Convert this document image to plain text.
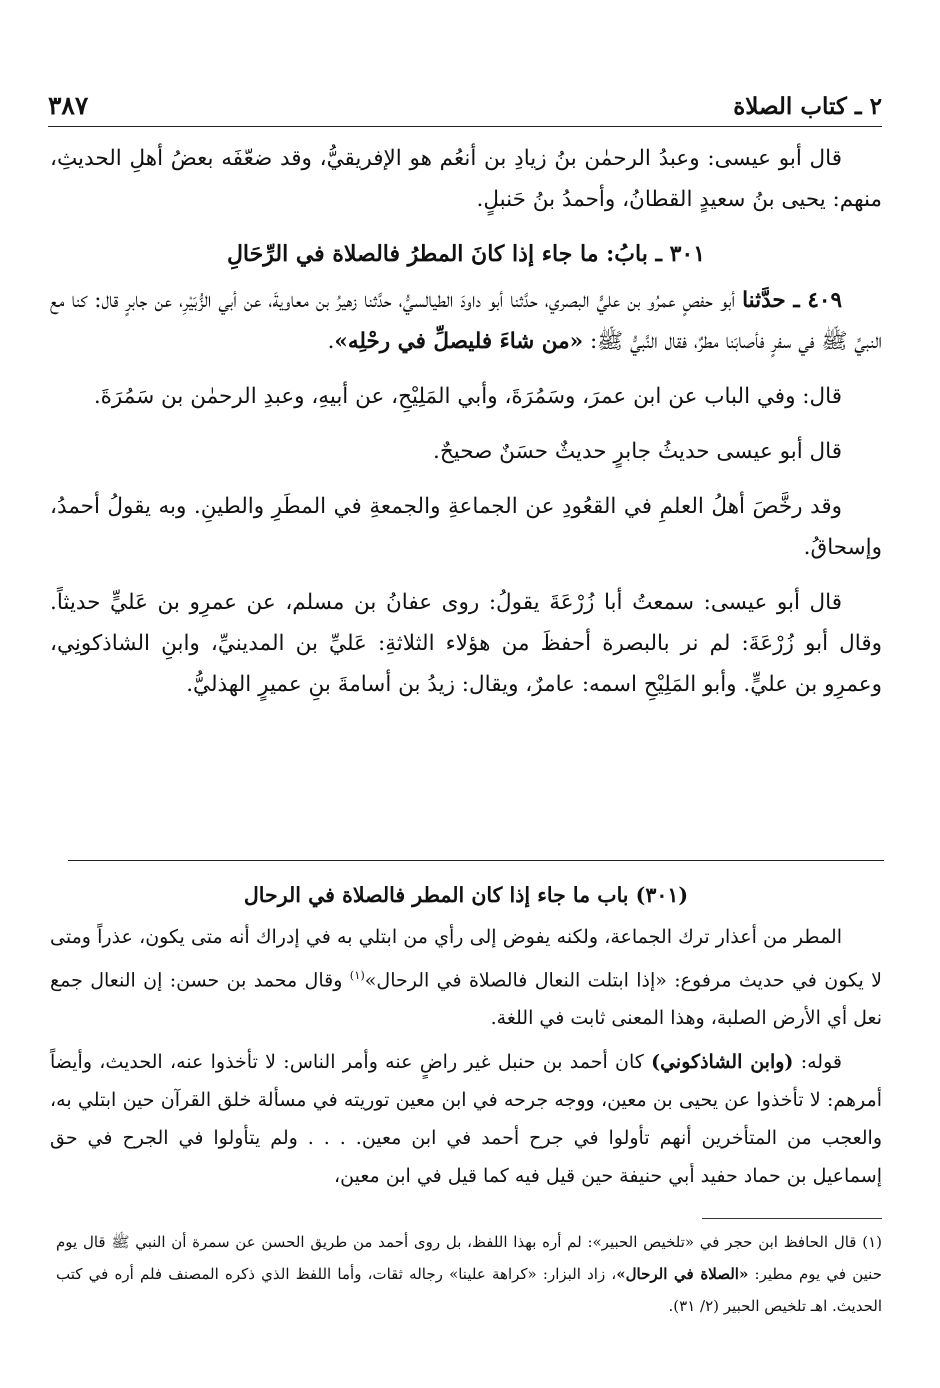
٢ ـ كتاب الصلاة
٣٨٧

قال أبو عيسى: وعبدُ الرحمٰن بنُ زيادِ بن أنعُم هو الإفريقيُّ، وقد ضعّفَه بعضُ أهلِ الحديثِ، منهم: يحيى بنُ سعيدٍ القطانُ، وأحمدُ بنُ حَنبلٍ.

٣٠١ ـ بابُ: ما جاء إذا كانَ المطرُ فالصلاة في الرِّحَالِ

٤٠٩ ـ حدَّثنا أبو حفصٍ عمرُو بن عليٍّ البصري، حدَّثنا أبو داودَ الطيالسيُّ، حدَّثنا زهيرُ بن معاويةَ، عن أبي الزُّبَيْرِ، عن جابرٍ قال: كنا مع النبيِّ ﷺ في سفرٍ فأصابَنا مطرٌ، فقال النَّبيُّ ﷺ: «من شاءَ فليصلِّ في رحْلِه».

قال: وفي الباب عن ابن عمرَ، وسَمُرَةَ، وأبي المَلِيْحِ، عن أبيهِ، وعبدِ الرحمٰن بن سَمُرَةَ.

قال أبو عيسى حديثُ جابرٍ حديثٌ حسَنٌ صحيحٌ.

وقد رخَّصَ أهلُ العلمِ في القعُودِ عن الجماعةِ والجمعةِ في المطَرِ والطينِ. وبه يقولُ أحمدُ، وإسحاقُ.

قال أبو عيسى: سمعتُ أبا زُرْعَةَ يقولُ: روى عفانُ بن مسلم، عن عمرِو بن عَليٍّ حديثاً. وقال أبو زُرْعَةَ: لم نر بالبصرة أحفظَ من هؤلاء الثلاثةِ: عَليِّ بن المدينيِّ، وابنِ الشاذكونِي، وعمرِو بن عليٍّ. وأبو المَلِيْحِ اسمه: عامرٌ، ويقال: زيدُ بن أسامةَ بنِ عميرٍ الهذليُّ.

(٣٠١) باب ما جاء إذا كان المطر فالصلاة في الرحال

المطر من أعذار ترك الجماعة، ولكنه يفوض إلى رأي من ابتلي به في إدراك أنه متى يكون، عذراً ومتى لا يكون في حديث مرفوع: «إذا ابتلت النعال فالصلاة في الرحال»$^{(١)}$ وقال محمد بن حسن: إن النعال جمع نعل أي الأرض الصلبة، وهذا المعنى ثابت في اللغة.

قوله: (وابن الشاذكوني) كان أحمد بن حنبل غير راضٍ عنه وأمر الناس: لا تأخذوا عنه، الحديث، وأيضاً أمرهم: لا تأخذوا عن يحيى بن معين، ووجه جرحه في ابن معين توريته في مسألة خلق القرآن حين ابتلي به، والعجب من المتأخرين أنهم تأولوا في جرح أحمد في ابن معين. . . . ولم يتأولوا في الجرح في حق إسماعيل بن حماد حفيد أبي حنيفة حين قيل فيه كما قيل في ابن معين،

(١) قال الحافظ ابن حجر في «تلخيص الحبير»: لم أره بهذا اللفظ، بل روى أحمد من طريق الحسن عن سمرة أن النبي ﷺ قال يوم حنين في يوم مطير: «الصلاة في الرحال»، زاد البزار: «كراهة علينا» رجاله ثقات، وأما اللفظ الذي ذكره المصنف فلم أره في كتب الحديث. اهـ تلخيص الحبير (٢/ ٣١).
